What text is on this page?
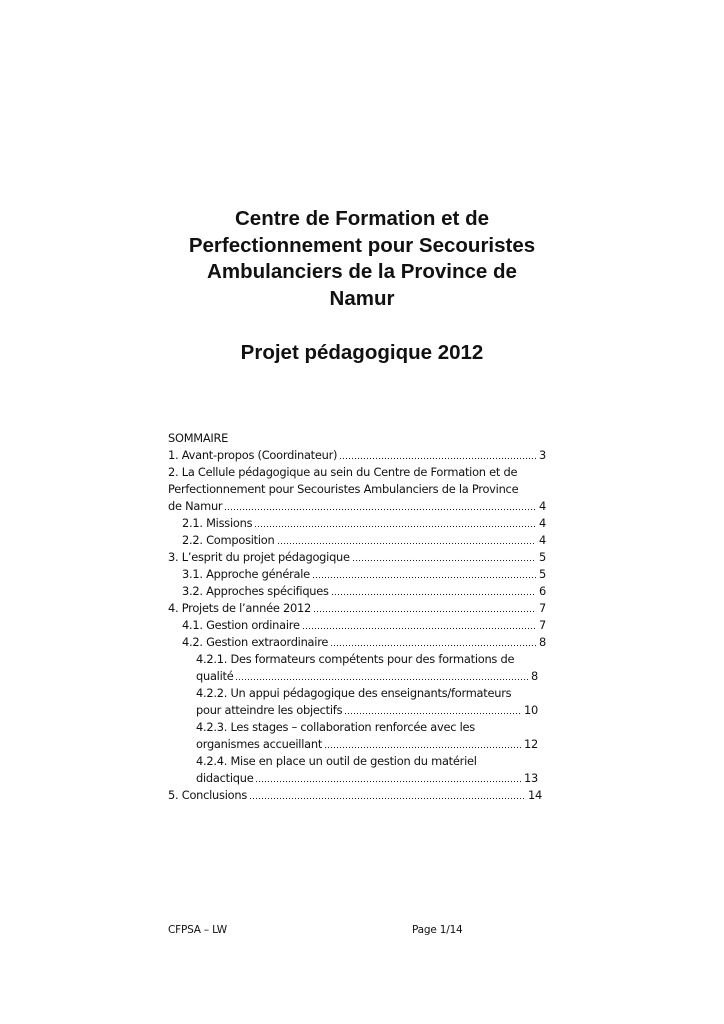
Centre de Formation et de
Perfectionnement pour Secouristes
Ambulanciers de la Province de
Namur
Projet pédagogique 2012
SOMMAIRE
1. Avant-propos (Coordinateur)	3
2. La Cellule pédagogique au sein du Centre de Formation et de
Perfectionnement pour Secouristes Ambulanciers de la Province
de Namur	4
2.1. Missions	4
2.2. Composition	4
3. L’esprit du projet pédagogique	5
3.1. Approche générale	5
3.2. Approches spécifiques	6
4. Projets de l’année 2012	7
4.1. Gestion ordinaire	7
4.2. Gestion extraordinaire	8
4.2.1. Des formateurs compétents pour des formations de
qualité	8
4.2.2. Un appui pédagogique des enseignants/formateurs
pour atteindre les objectifs	10
4.2.3. Les stages – collaboration renforcée avec les
organismes accueillant	12
4.2.4. Mise en place un outil de gestion du matériel
didactique	13
5. Conclusions	14
CFPSA – LW	Page 1/14
